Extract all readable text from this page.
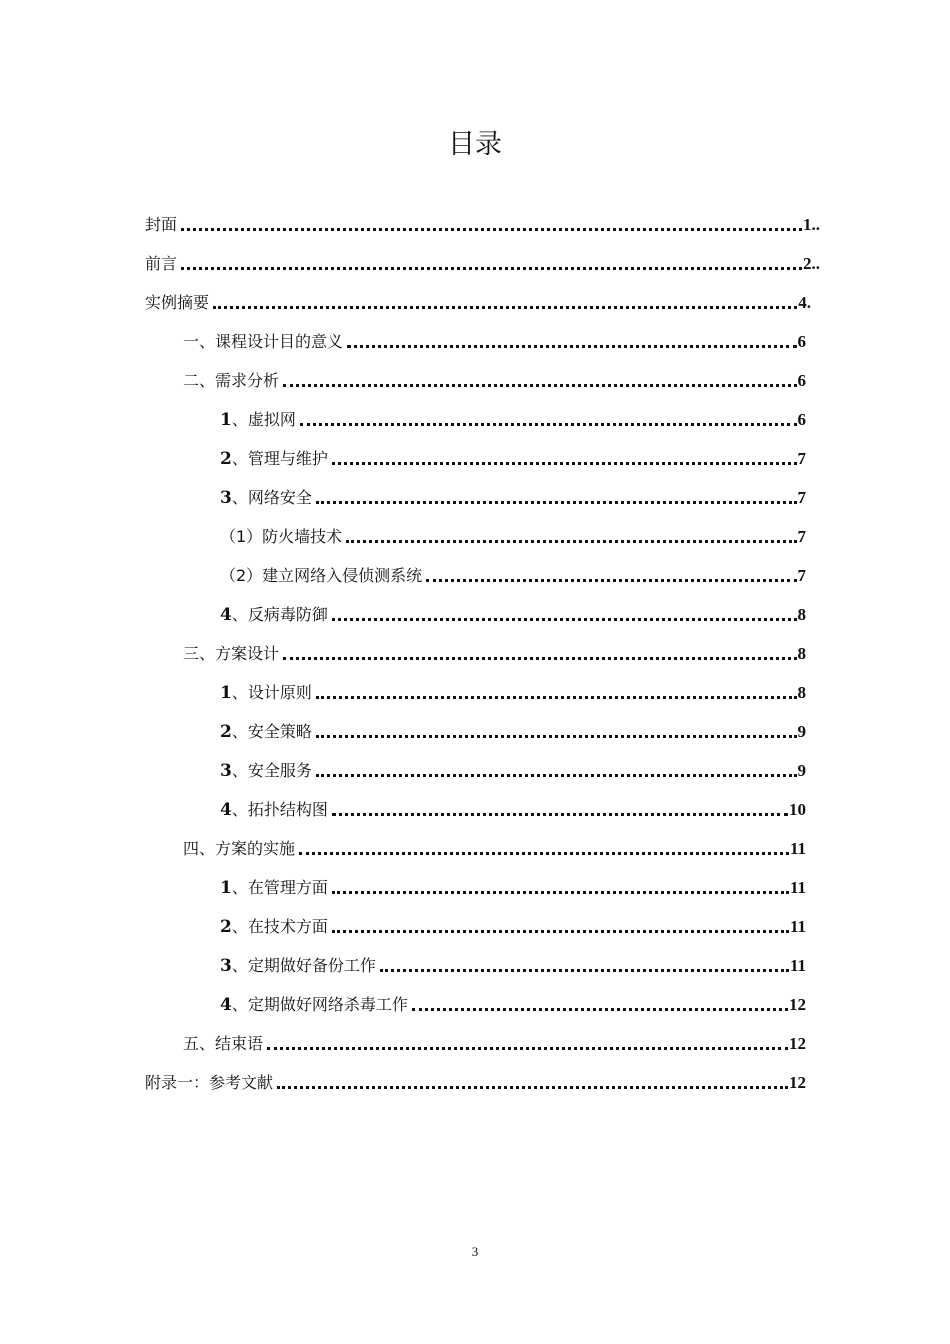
目录
封面	1..
前言	2..
实例摘要	4.
一、课程设计目的意义	6
二、需求分析	6
1、虚拟网	6
2、管理与维护	7
3、网络安全	7
（1）防火墙技术	7
（2）建立网络入侵侦测系统	7
4、反病毒防御	8
三、方案设计	8
1、设计原则	8
2、安全策略	9
3、安全服务	9
4、拓扑结构图	10
四、方案的实施	11
1、在管理方面	11
2、在技术方面	11
3、定期做好备份工作	11
4、定期做好网络杀毒工作	12
五、结束语	12
附录一：参考文献	12
3
